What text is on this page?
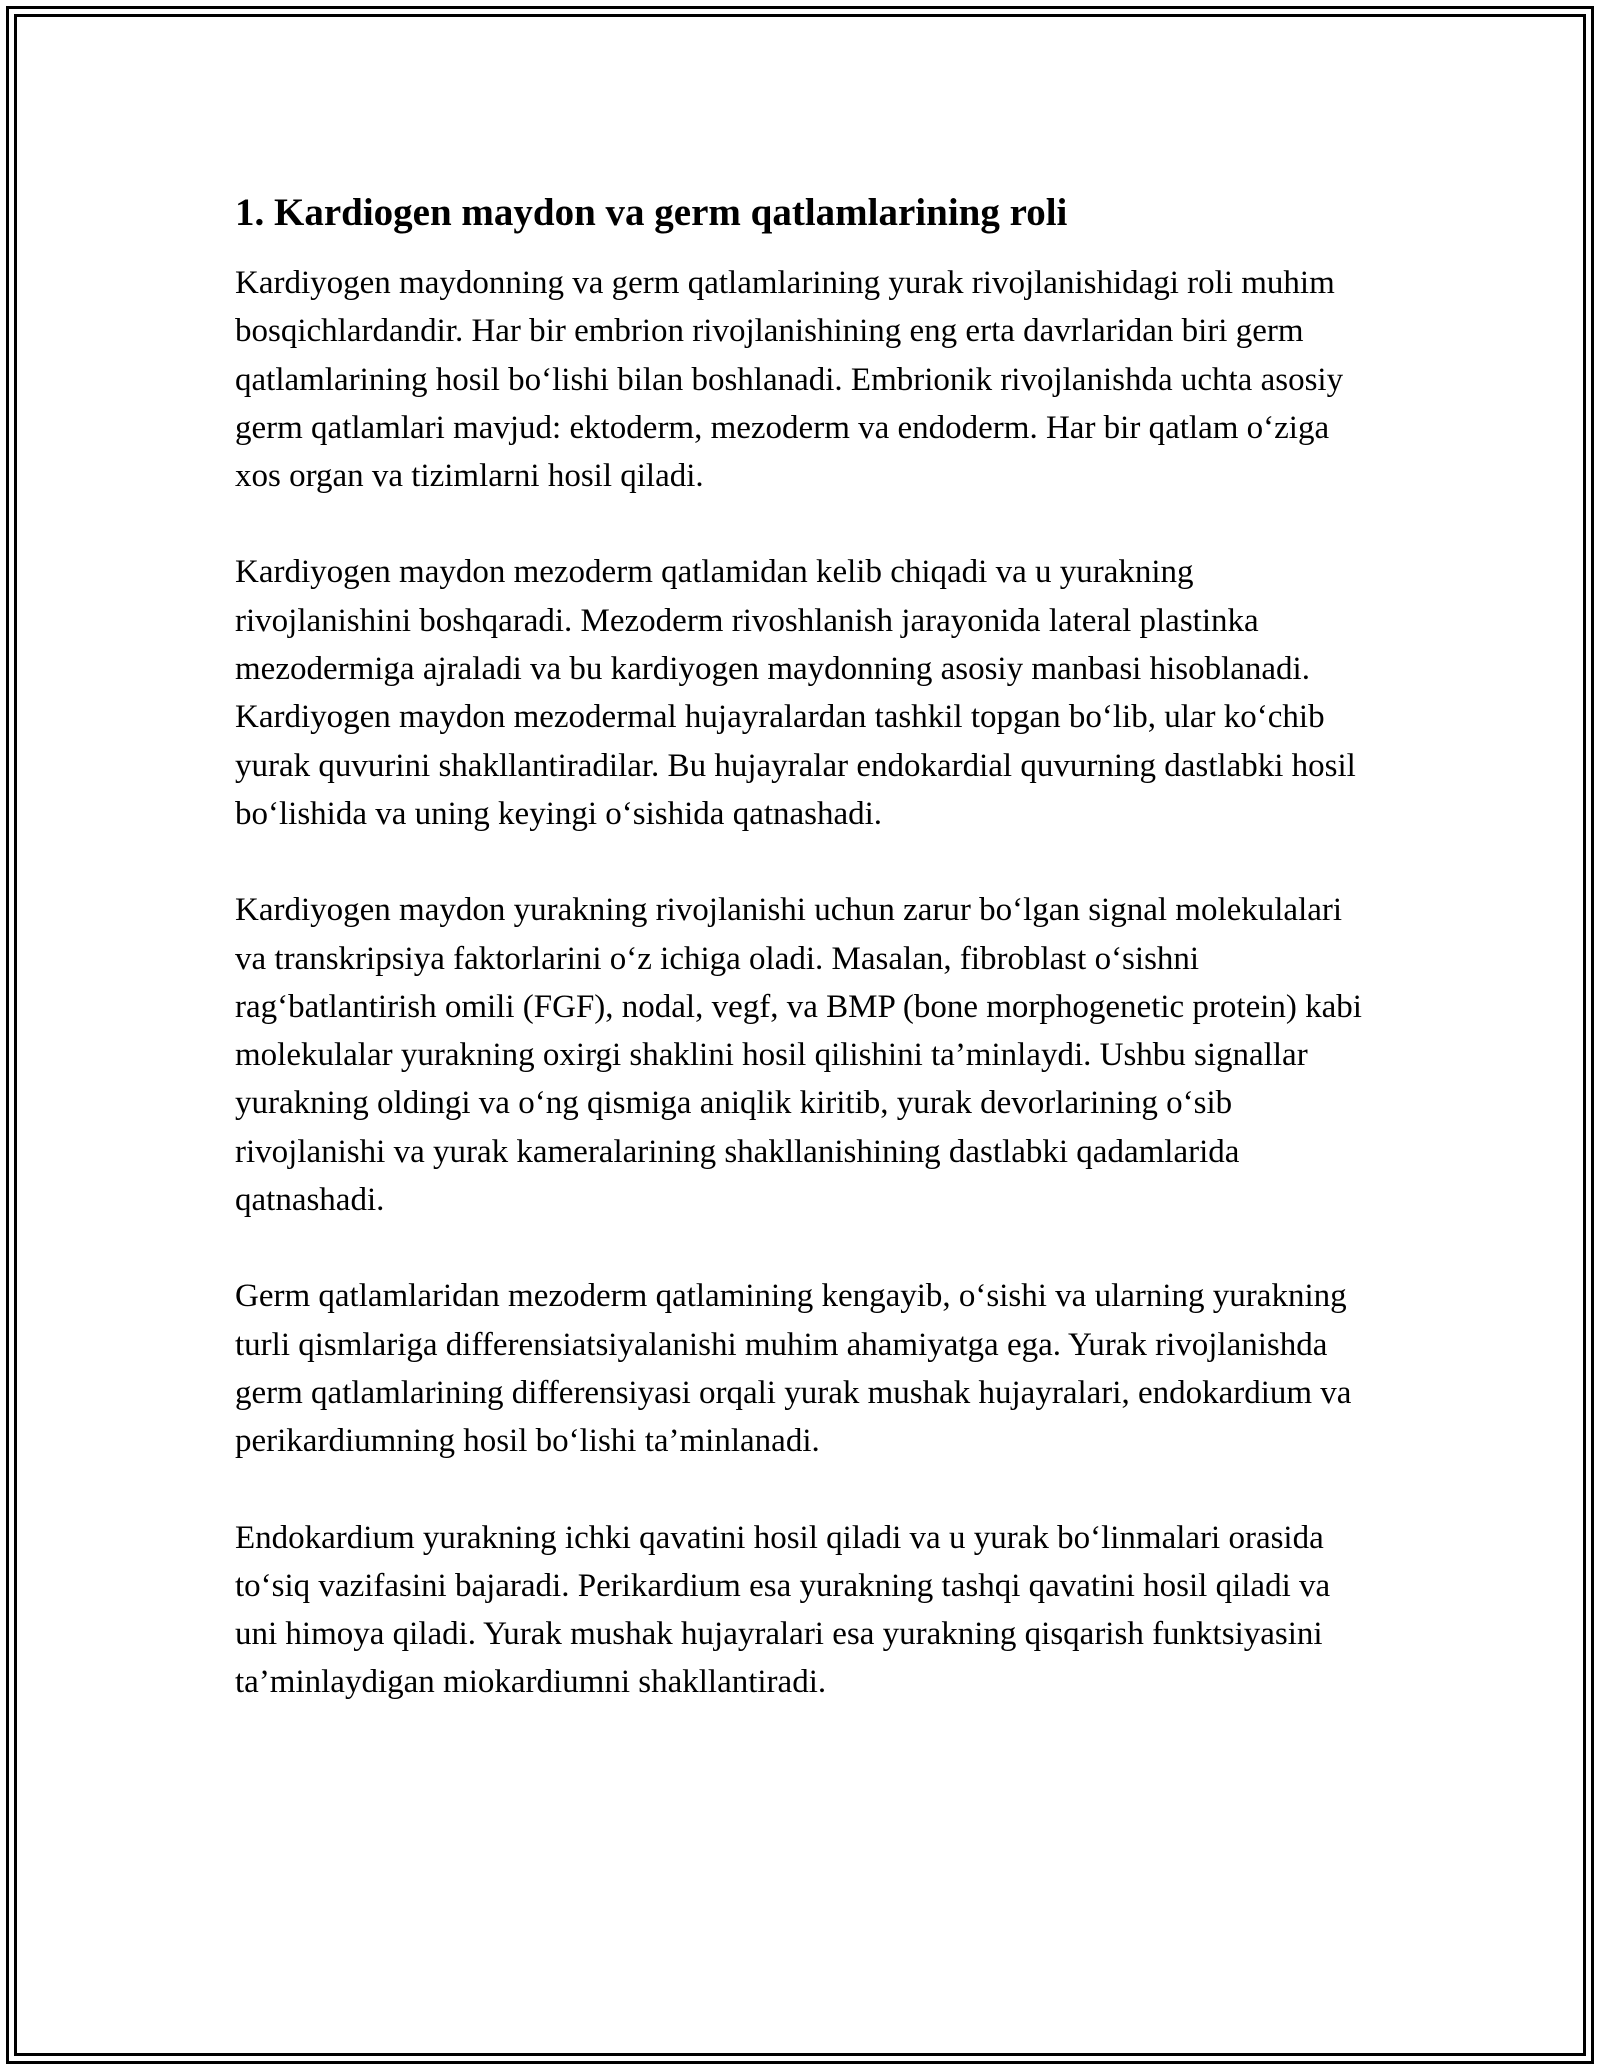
1. Kardiogen maydon va germ qatlamlarining roli

Kardiyogen maydonning va germ qatlamlarining yurak rivojlanishidagi roli muhim bosqichlardandir. Har bir embrion rivojlanishining eng erta davrlaridan biri germ qatlamlarining hosil bo‘lishi bilan boshlanadi. Embrionik rivojlanishda uchta asosiy germ qatlamlari mavjud: ektoderm, mezoderm va endoderm. Har bir qatlam o‘ziga xos organ va tizimlarni hosil qiladi.

Kardiyogen maydon mezoderm qatlamidan kelib chiqadi va u yurakning rivojlanishini boshqaradi. Mezoderm rivoshlanish jarayonida lateral plastinka mezodermiga ajraladi va bu kardiyogen maydonning asosiy manbasi hisoblanadi. Kardiyogen maydon mezodermal hujayralardan tashkil topgan bo‘lib, ular ko‘chib yurak quvurini shakllantiradilar. Bu hujayralar endokardial quvurning dastlabki hosil bo‘lishida va uning keyingi o‘sishida qatnashadi.

Kardiyogen maydon yurakning rivojlanishi uchun zarur bo‘lgan signal molekulalari va transkripsiya faktorlarini o‘z ichiga oladi. Masalan, fibroblast o‘sishni rag‘batlantirish omili (FGF), nodal, vegf, va BMP (bone morphogenetic protein) kabi molekulalar yurakning oxirgi shaklini hosil qilishini ta’minlaydi. Ushbu signallar yurakning oldingi va o‘ng qismiga aniqlik kiritib, yurak devorlarining o‘sib rivojlanishi va yurak kameralarining shakllanishining dastlabki qadamlarida qatnashadi.

Germ qatlamlaridan mezoderm qatlamining kengayib, o‘sishi va ularning yurakning turli qismlariga differensiatsiyalanishi muhim ahamiyatga ega. Yurak rivojlanishda germ qatlamlarining differensiyasi orqali yurak mushak hujayralari, endokardium va perikardiumning hosil bo‘lishi ta’minlanadi.

Endokardium yurakning ichki qavatini hosil qiladi va u yurak bo‘linmalari orasida to‘siq vazifasini bajaradi. Perikardium esa yurakning tashqi qavatini hosil qiladi va uni himoya qiladi. Yurak mushak hujayralari esa yurakning qisqarish funktsiyasini ta’minlaydigan miokardiumni shakllantiradi.
